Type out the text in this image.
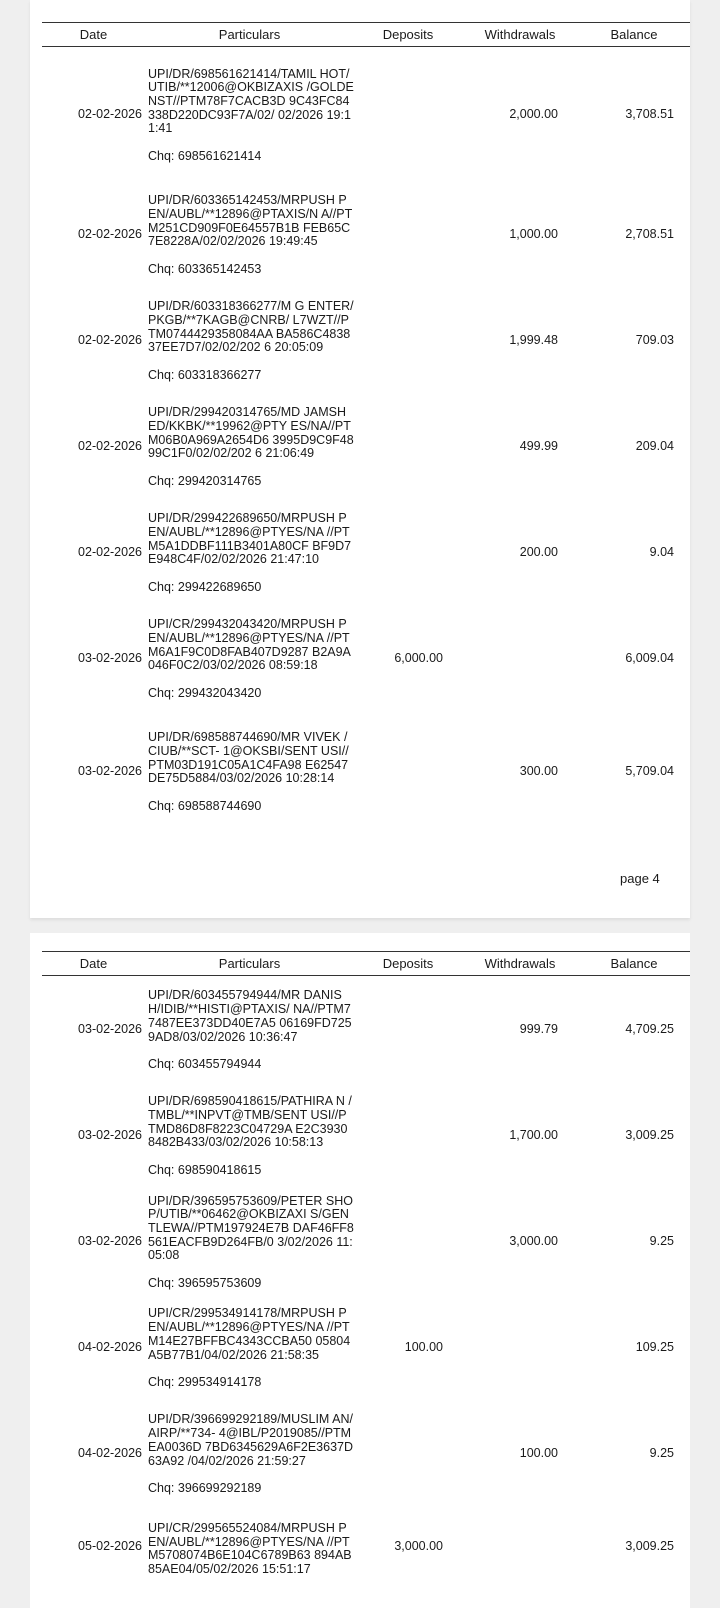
Date	Particulars	Deposits	Withdrawals	Balance
02-02-2026	UPI/DR/698561621414/TAMIL HOT/UTIB/**12006@OKBIZAXIS /GOLDENST//PTM78F7CACB3D 9C43FC84338D220DC93F7A/02/ 02/2026 19:11:41
Chq: 698561621414		2,000.00	3,708.51
02-02-2026	UPI/DR/603365142453/MRPUSH PEN/AUBL/**12896@PTAXIS/N A//PTM251CD909F0E64557B1B FEB65C7E8228A/02/02/2026 19:49:45
Chq: 603365142453		1,000.00	2,708.51
02-02-2026	UPI/DR/603318366277/M G ENTER/PKGB/**7KAGB@CNRB/ L7WZT//PTM0744429358084AA BA586C483837EE7D7/02/02/202 6 20:05:09
Chq: 603318366277		1,999.48	709.03
02-02-2026	UPI/DR/299420314765/MD JAMSHED/KKBK/**19962@PTY ES/NA//PTM06B0A969A2654D6 3995D9C9F4899C1F0/02/02/202 6 21:06:49
Chq: 299420314765		499.99	209.04
02-02-2026	UPI/DR/299422689650/MRPUSH PEN/AUBL/**12896@PTYES/NA //PTM5A1DDBF111B3401A80CF BF9D7E948C4F/02/02/2026 21:47:10
Chq: 299422689650		200.00	9.04
03-02-2026	UPI/CR/299432043420/MRPUSH PEN/AUBL/**12896@PTYES/NA //PTM6A1F9C0D8FAB407D9287 B2A9A046F0C2/03/02/2026 08:59:18
Chq: 299432043420	6,000.00		6,009.04
03-02-2026	UPI/DR/698588744690/MR VIVEK /CIUB/**SCT- 1@OKSBI/SENT USI//PTM03D191C05A1C4FA98 E62547DE75D5884/03/02/2026 10:28:14
Chq: 698588744690		300.00	5,709.04
page 4
Date	Particulars	Deposits	Withdrawals	Balance
03-02-2026	UPI/DR/603455794944/MR DANISH/IDIB/**HISTI@PTAXIS/ NA//PTM77487EE373DD40E7A5 06169FD7259AD8/03/02/2026 10:36:47
Chq: 603455794944		999.79	4,709.25
03-02-2026	UPI/DR/698590418615/PATHIRA N /TMBL/**INPVT@TMB/SENT USI//PTMD86D8F8223C04729A E2C39308482B433/03/02/2026 10:58:13
Chq: 698590418615		1,700.00	3,009.25
03-02-2026	UPI/DR/396595753609/PETER SHOP/UTIB/**06462@OKBIZAXI S/GENTLEWA//PTM197924E7B DAF46FF8561EACFB9D264FB/0 3/02/2026 11:05:08
Chq: 396595753609		3,000.00	9.25
04-02-2026	UPI/CR/299534914178/MRPUSH PEN/AUBL/**12896@PTYES/NA //PTM14E27BFFBC4343CCBA50 05804A5B77B1/04/02/2026 21:58:35
Chq: 299534914178	100.00		109.25
04-02-2026	UPI/DR/396699292189/MUSLIM AN/AIRP/**734- 4@IBL/P2019085//PTMEA0036D 7BD6345629A6F2E3637D63A92 /04/02/2026 21:59:27
Chq: 396699292189		100.00	9.25
05-02-2026	UPI/CR/299565524084/MRPUSH PEN/AUBL/**12896@PTYES/NA //PTM5708074B6E104C6789B63 894AB85AE04/05/02/2026 15:51:17	3,000.00		3,009.25
